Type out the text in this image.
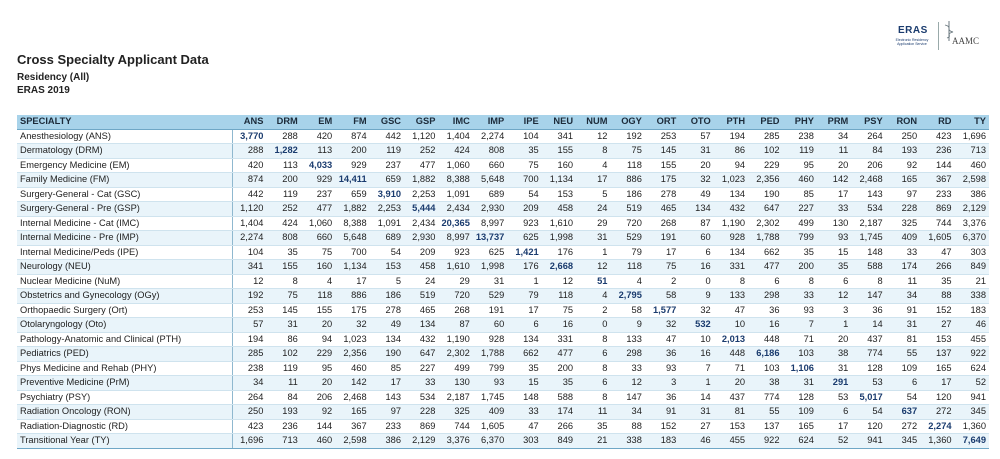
Cross Specialty Applicant Data
Residency (All)
ERAS 2019
ERAS
Electronic Residency Application Service	AAMC
SPECIALTY	ANS	DRM	EM	FM	GSC	GSP	IMC	IMP	IPE	NEU	NUM	OGY	ORT	OTO	PTH	PED	PHY	PRM	PSY	RON	RD	TY
Anesthesiology (ANS)	3,770	288	420	874	442	1,120	1,404	2,274	104	341	12	192	253	57	194	285	238	34	264	250	423	1,696
Dermatology (DRM)	288	1,282	113	200	119	252	424	808	35	155	8	75	145	31	86	102	119	11	84	193	236	713
Emergency Medicine (EM)	420	113	4,033	929	237	477	1,060	660	75	160	4	118	155	20	94	229	95	20	206	92	144	460
Family Medicine (FM)	874	200	929	14,411	659	1,882	8,388	5,648	700	1,134	17	886	175	32	1,023	2,356	460	142	2,468	165	367	2,598
Surgery-General - Cat (GSC)	442	119	237	659	3,910	2,253	1,091	689	54	153	5	186	278	49	134	190	85	17	143	97	233	386
Surgery-General - Pre (GSP)	1,120	252	477	1,882	2,253	5,444	2,434	2,930	209	458	24	519	465	134	432	647	227	33	534	228	869	2,129
Internal Medicine - Cat (IMC)	1,404	424	1,060	8,388	1,091	2,434	20,365	8,997	923	1,610	29	720	268	87	1,190	2,302	499	130	2,187	325	744	3,376
Internal Medicine - Pre (IMP)	2,274	808	660	5,648	689	2,930	8,997	13,737	625	1,998	31	529	191	60	928	1,788	799	93	1,745	409	1,605	6,370
Internal Medicine/Peds (IPE)	104	35	75	700	54	209	923	625	1,421	176	1	79	17	6	134	662	35	15	148	33	47	303
Neurology (NEU)	341	155	160	1,134	153	458	1,610	1,998	176	2,668	12	118	75	16	331	477	200	35	588	174	266	849
Nuclear Medicine (NuM)	12	8	4	17	5	24	29	31	1	12	51	4	2	0	8	6	8	6	8	11	35	21
Obstetrics and Gynecology (OGy)	192	75	118	886	186	519	720	529	79	118	4	2,795	58	9	133	298	33	12	147	34	88	338
Orthopaedic Surgery (Ort)	253	145	155	175	278	465	268	191	17	75	2	58	1,577	32	47	36	93	3	36	91	152	183
Otolaryngology (Oto)	57	31	20	32	49	134	87	60	6	16	0	9	32	532	10	16	7	1	14	31	27	46
Pathology-Anatomic and Clinical (PTH)	194	86	94	1,023	134	432	1,190	928	134	331	8	133	47	10	2,013	448	71	20	437	81	153	455
Pediatrics (PED)	285	102	229	2,356	190	647	2,302	1,788	662	477	6	298	36	16	448	6,186	103	38	774	55	137	922
Phys Medicine and Rehab (PHY)	238	119	95	460	85	227	499	799	35	200	8	33	93	7	71	103	1,106	31	128	109	165	624
Preventive Medicine (PrM)	34	11	20	142	17	33	130	93	15	35	6	12	3	1	20	38	31	291	53	6	17	52
Psychiatry (PSY)	264	84	206	2,468	143	534	2,187	1,745	148	588	8	147	36	14	437	774	128	53	5,017	54	120	941
Radiation Oncology (RON)	250	193	92	165	97	228	325	409	33	174	11	34	91	31	81	55	109	6	54	637	272	345
Radiation-Diagnostic (RD)	423	236	144	367	233	869	744	1,605	47	266	35	88	152	27	153	137	165	17	120	272	2,274	1,360
Transitional Year (TY)	1,696	713	460	2,598	386	2,129	3,376	6,370	303	849	21	338	183	46	455	922	624	52	941	345	1,360	7,649
